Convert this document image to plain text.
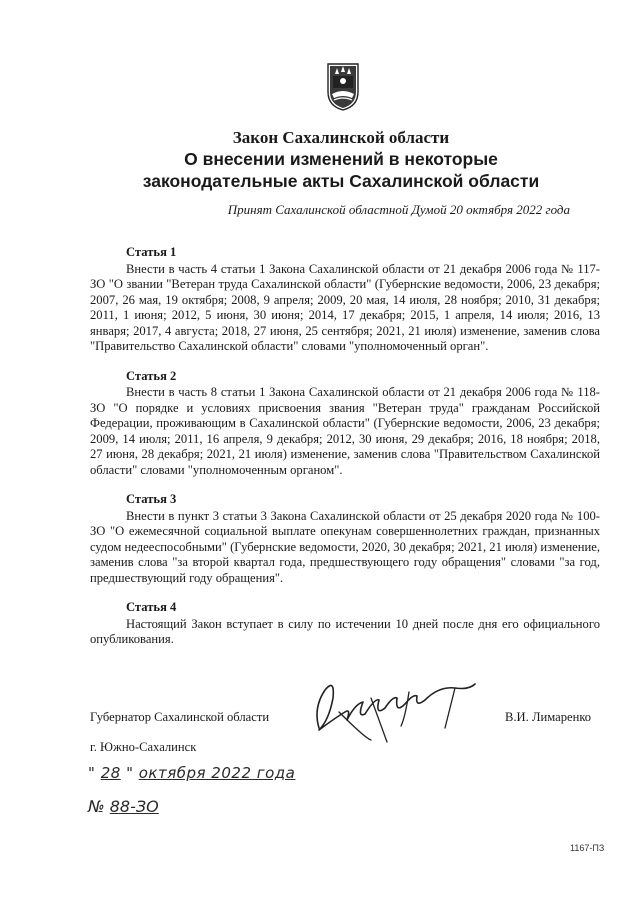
Закон Сахалинской области
О внесении изменений в некоторые
законодательные акты Сахалинской области
Принят Сахалинской областной Думой 20 октября 2022 года
Статья 1

Внести в часть 4 статьи 1 Закона Сахалинской области от 21 декабря 2006 года № 117-ЗО "О звании "Ветеран труда Сахалинской области" (Губернские ведомости, 2006, 23 декабря; 2007, 26 мая, 19 октября; 2008, 9 апреля; 2009, 20 мая, 14 июля, 28 ноября; 2010, 31 декабря; 2011, 1 июня; 2012, 5 июня, 30 июня; 2014, 17 декабря; 2015, 1 апреля, 14 июля; 2016, 13 января; 2017, 4 августа; 2018, 27 июня, 25 сентября; 2021, 21 июля) изменение, заменив слова "Правительство Сахалинской области" словами "уполномоченный орган".

Статья 2

Внести в часть 8 статьи 1 Закона Сахалинской области от 21 декабря 2006 года № 118-ЗО "О порядке и условиях присвоения звания "Ветеран труда" гражданам Российской Федерации, проживающим в Сахалинской области" (Губернские ведомости, 2006, 23 декабря; 2009, 14 июля; 2011, 16 апреля, 9 декабря; 2012, 30 июня, 29 декабря; 2016, 18 ноября; 2018, 27 июня, 28 декабря; 2021, 21 июля) изменение, заменив слова "Правительством Сахалинской области" словами "уполномоченным органом".

Статья 3

Внести в пункт 3 статьи 3 Закона Сахалинской области от 25 декабря 2020 года № 100-ЗО "О ежемесячной социальной выплате опекунам совершеннолетних граждан, признанных судом недееспособными" (Губернские ведомости, 2020, 30 декабря; 2021, 21 июля) изменение, заменив слова "за второй квартал года, предшествующего году обращения" словами "за год, предшествующий году обращения".

Статья 4

Настоящий Закон вступает в силу по истечении 10 дней после дня его официального опубликования.

Губернатор Сахалинской области	В.И. Лимаренко
г. Южно-Сахалинск
" 28 " октября 2022 года
№ 88-ЗО
1167-ПЗ
